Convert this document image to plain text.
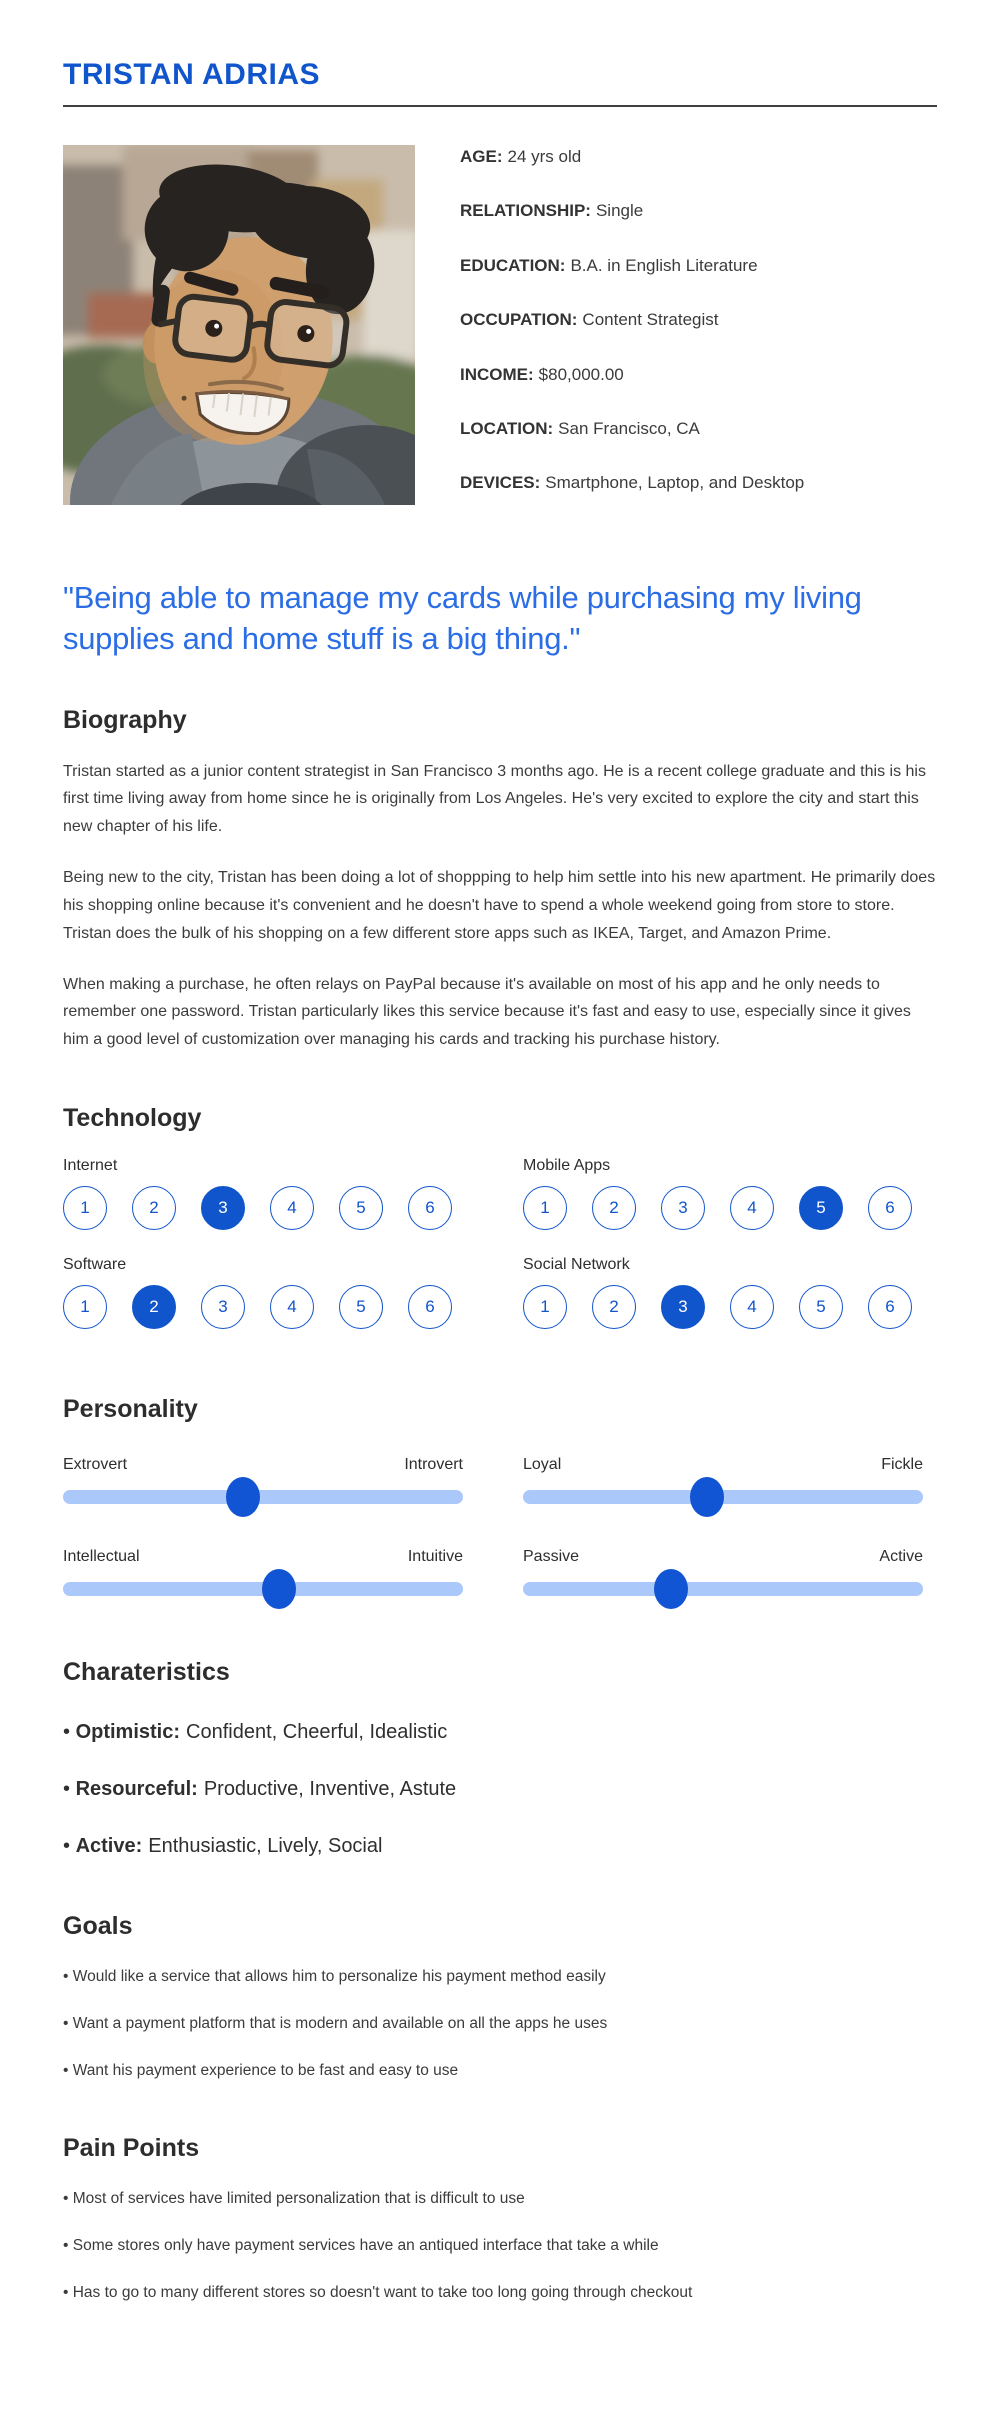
TRISTAN ADRIAS
AGE: 24 yrs old
RELATIONSHIP: Single
EDUCATION: B.A. in English Literature
OCCUPATION: Content Strategist
INCOME: $80,000.00
LOCATION: San Francisco, CA
DEVICES: Smartphone, Laptop, and Desktop
"Being able to manage my cards while purchasing my living supplies and home stuff is a big thing."
Biography

Tristan started as a junior content strategist in San Francisco 3 months ago. He is a recent college graduate and this is his first time living away from home since he is originally from Los Angeles. He's very excited to explore the city and start this new chapter of his life.

Being new to the city, Tristan has been doing a lot of shoppping to help him settle into his new apartment. He primarily does his shopping online because it's convenient and he doesn't have to spend a whole weekend going from store to store. Tristan does the bulk of his shopping on a few different store apps such as IKEA, Target, and Amazon Prime.

When making a purchase, he often relays on PayPal because it's available on most of his app and he only needs to remember one password. Tristan particularly likes this service because it's fast and easy to use, especially since it gives him a good level of customization over managing his cards and tracking his purchase history.

Technology
Internet
1	2	3	4	5	6
Mobile Apps
1	2	3	4	5	6
Software
1	2	3	4	5	6
Social Network
1	2	3	4	5	6
Personality
Extrovert	Introvert	Loyal	Fickle
Intellectual	Intuitive	Passive	Active
Charateristics
• Optimistic: Confident, Cheerful, Idealistic
• Resourceful: Productive, Inventive, Astute
• Active: Enthusiastic, Lively, Social
Goals
• Would like a service that allows him to personalize his payment method easily
• Want a payment platform that is modern and available on all the apps he uses
• Want his payment experience to be fast and easy to use
Pain Points
• Most of services have limited personalization that is difficult to use
• Some stores only have payment services have an antiqued interface that take a while
• Has to go to many different stores so doesn't want to take too long going through checkout
